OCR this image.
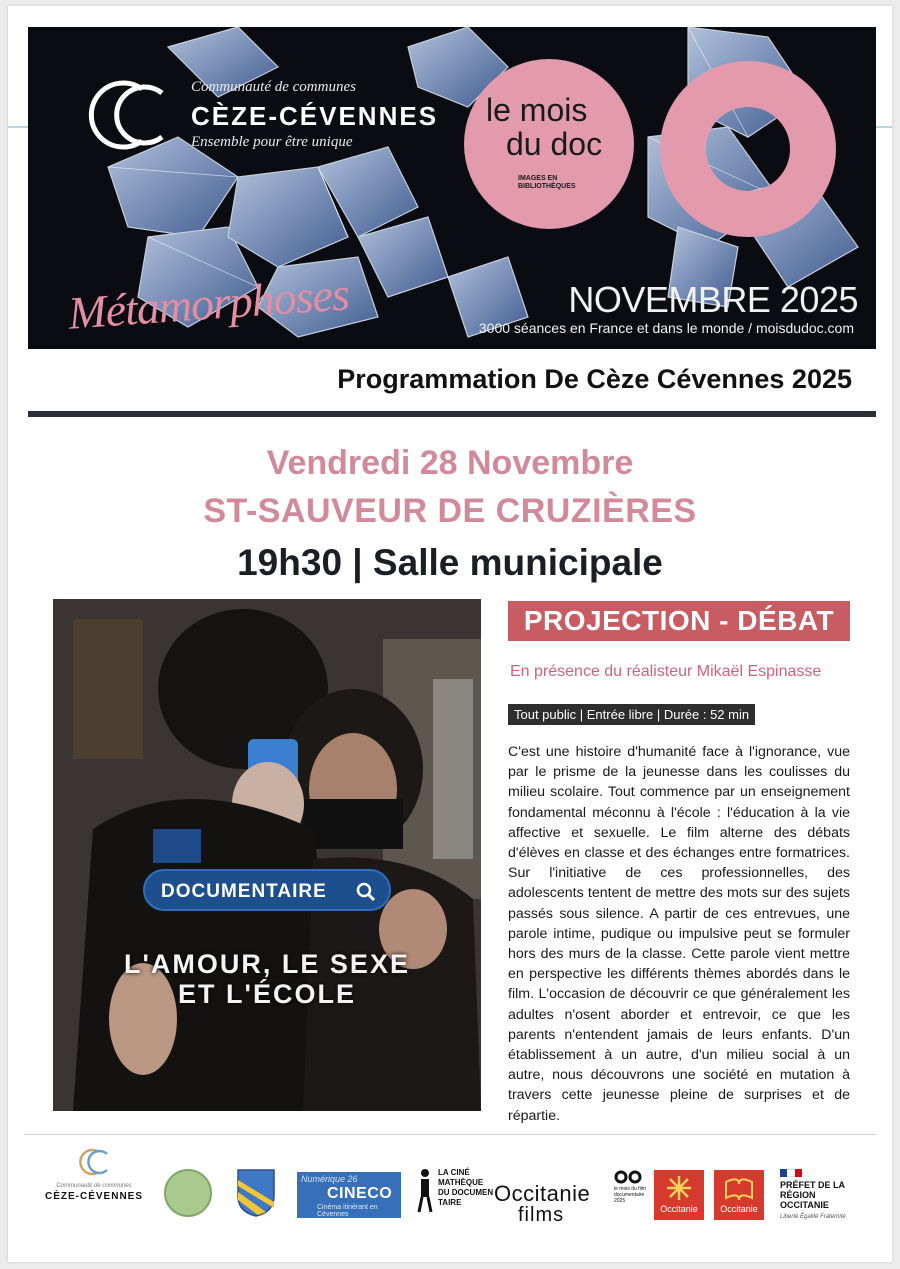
Communauté de communes
CÈZE-CÉVENNES
Ensemble pour être unique
le mois
du doc
IMAGES EN BIBLIOTHÈQUES
Métamorphoses	NOVEMBRE 2025
3000 séances en France et dans le monde / moisdudoc.com
Programmation De Cèze Cévennes 2025
Vendredi 28 Novembre
ST-SAUVEUR DE CRUZIÈRES
19h30 | Salle municipale
DOCUMENTAIRE
L'AMOUR, LE SEXE
ET L'ÉCOLE
PROJECTION - DÉBAT
En présence du réalisteur Mikaël Espinasse
Tout public | Entrée libre | Durée : 52 min
C'est une histoire d'humanité face à l'ignorance, vue par le prisme de la jeunesse dans les coulisses du milieu scolaire. Tout commence par un enseignement fondamental méconnu à l'école : l'éducation à la vie affective et sexuelle. Le film alterne des débats d'élèves en classe et des échanges entre formatrices. Sur l'initiative de ces professionnelles, des adolescents tentent de mettre des mots sur des sujets passés sous silence. A partir de ces entrevues, une parole intime, pudique ou impulsive peut se formuler hors des murs de la classe. Cette parole vient mettre en perspective les différents thèmes abordés dans le film. L'occasion de découvrir ce que généralement les adultes n'osent aborder et entrevoir, ce que les parents n'entendent jamais de leurs enfants. D'un établissement à un autre, d'un milieu social à un autre, nous découvrons une société en mutation à travers cette jeunesse pleine de surprises et de répartie.
Communauté de communes
CÈZE-CÉVENNES
Numérique 26
CINECO
Cinéma itinérant en Cévennes
LA CINÉ MATHÈQUE DU DOCUMEN TAIRE	Occitanie
films
le mois du film documentaire 2025
Occitanie	Occitanie
PRÉFET DE LA RÉGION OCCITANIE
Liberté Égalité Fraternité
